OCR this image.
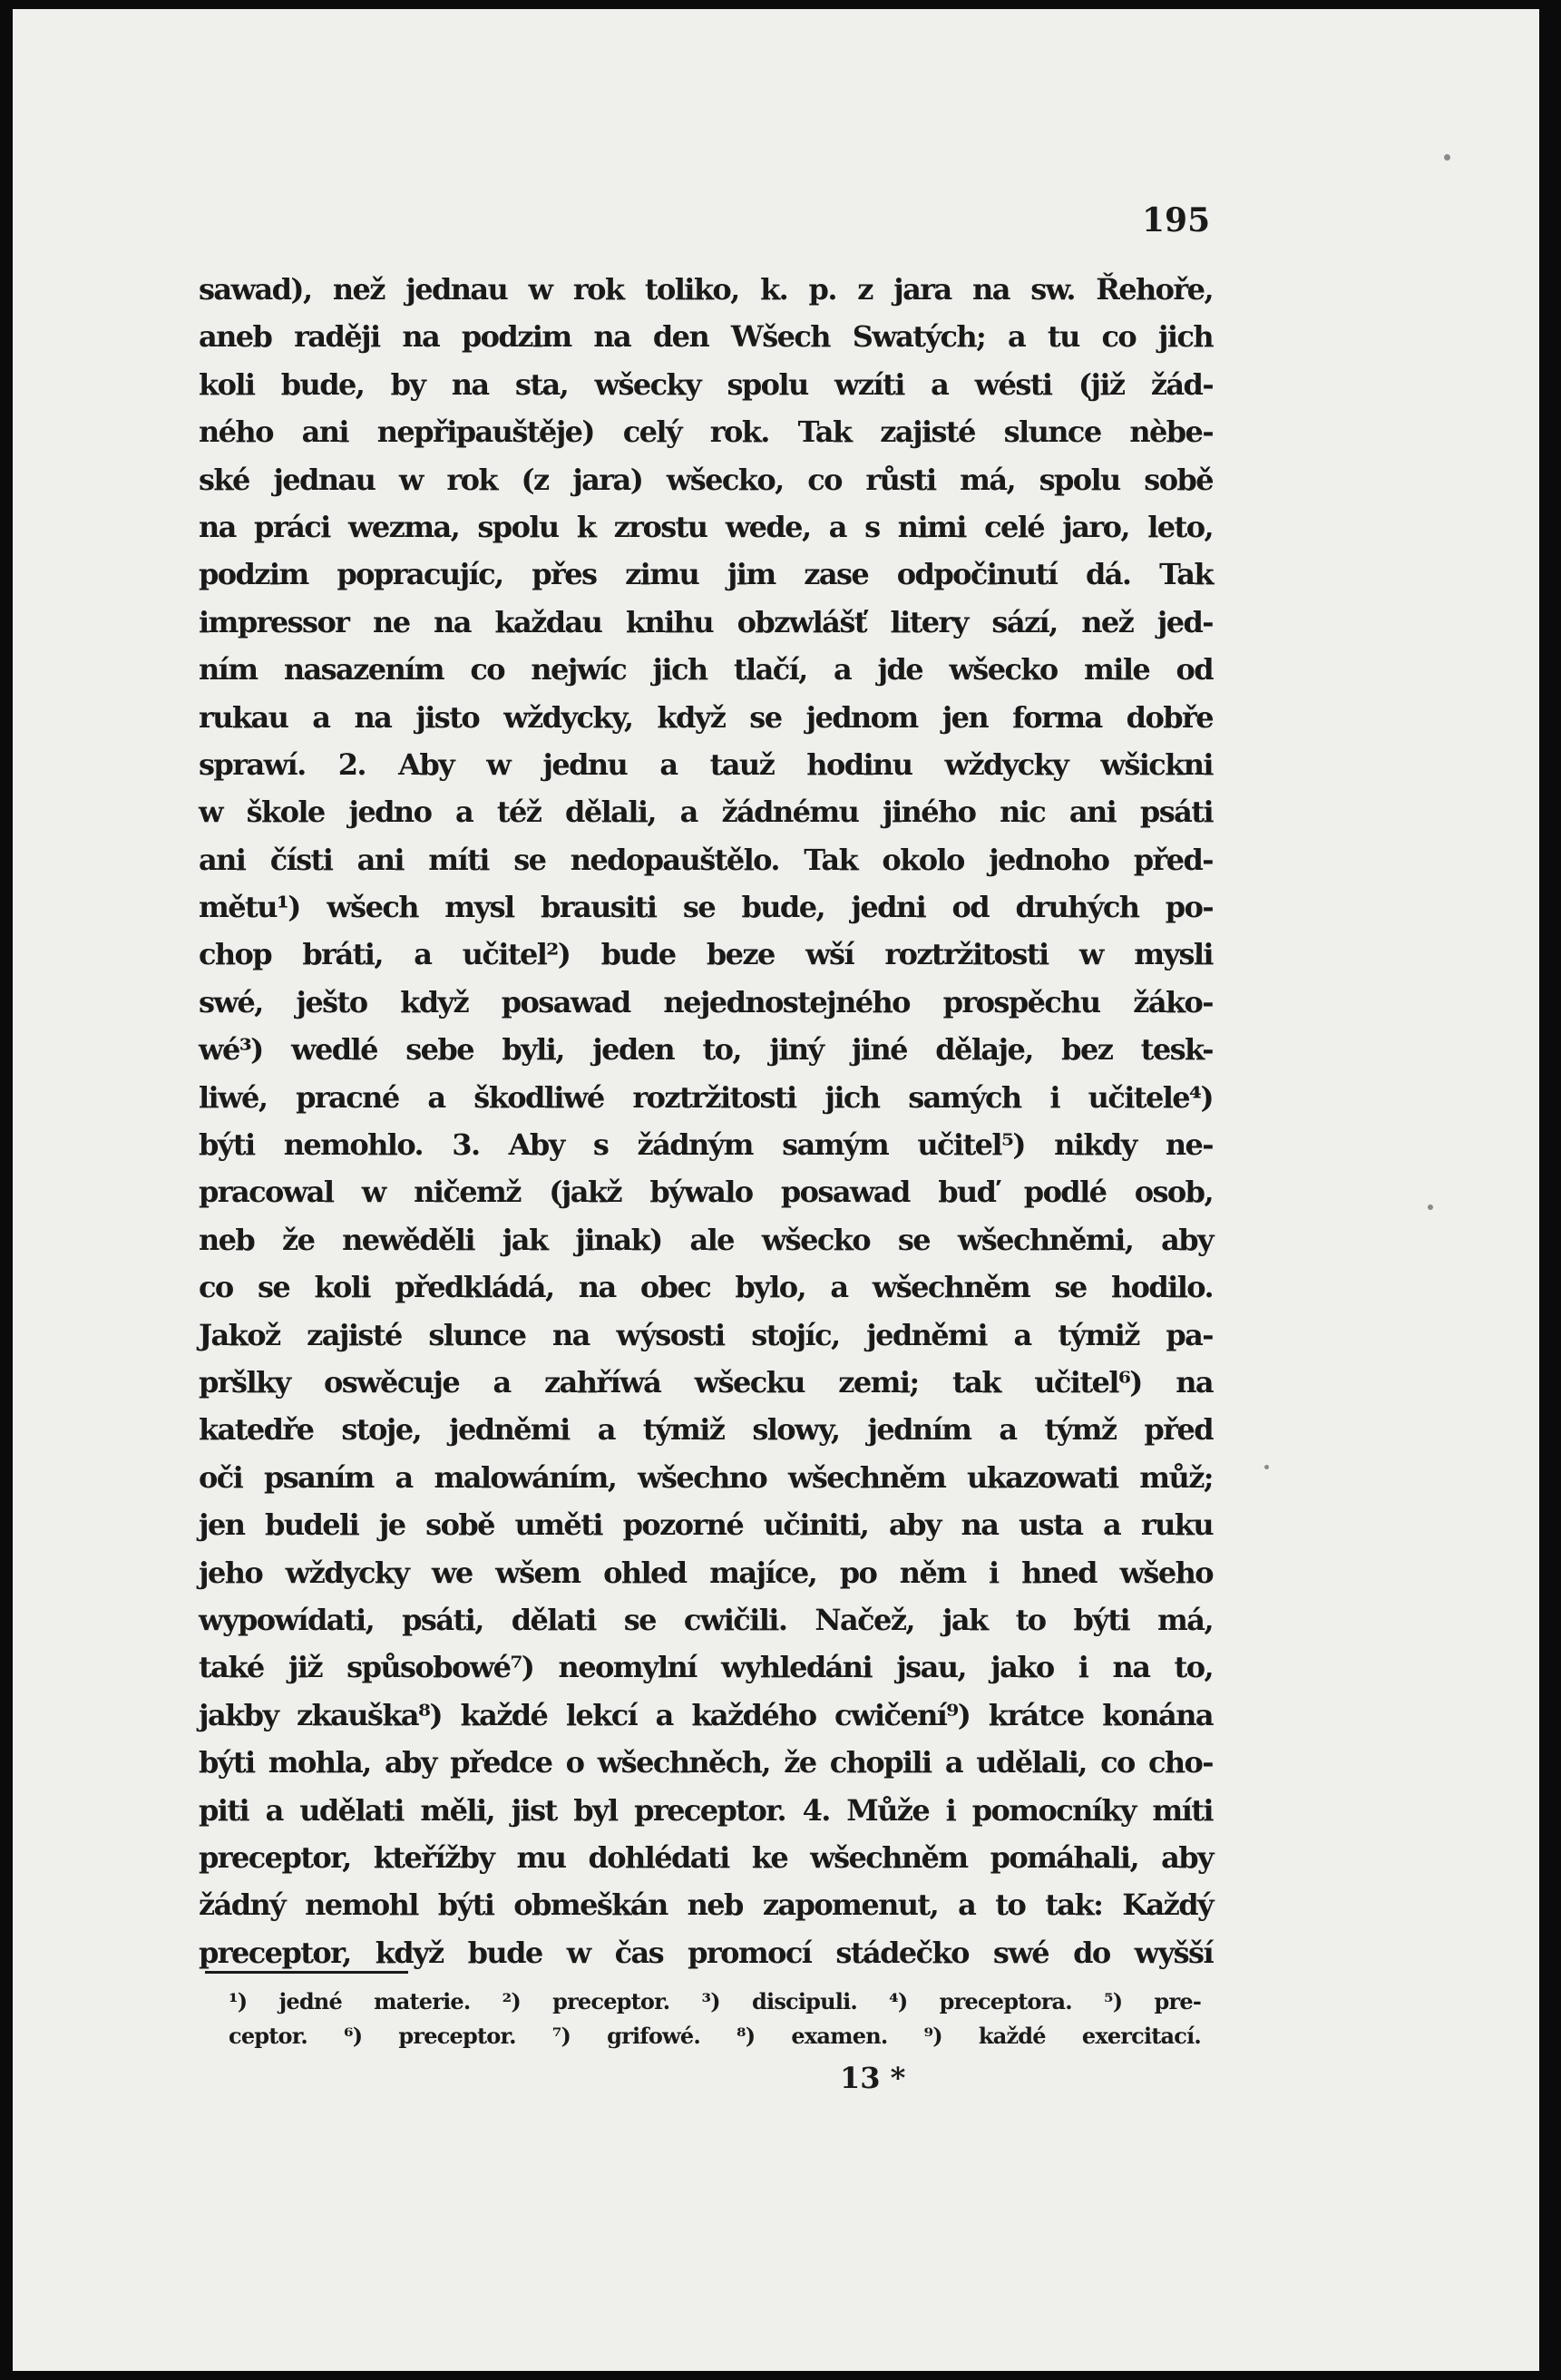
195
sawad), než jednau w rok toliko, k. p. z jara na sw. Řehoře,
aneb raději na podzim na den Wšech Swatých; a tu co jich
koli bude, by na sta, wšecky spolu wzíti a wésti (již žád-
ného ani nepřipauštěje) celý rok. Tak zajisté slunce nèbe-
ské jednau w rok (z jara) wšecko, co růsti má, spolu sobě
na práci wezma, spolu k zrostu wede, a s nimi celé jaro, leto,
podzim popracujíc, přes zimu jim zase odpočinutí dá. Tak
impressor ne na každau knihu obzwlášť litery sází, než jed-
ním nasazením co nejwíc jich tlačí, a jde wšecko mile od
rukau a na jisto wždycky, když se jednom jen forma dobře
sprawí. 2. Aby w jednu a tauž hodinu wždycky wšickni
w škole jedno a též dělali, a žádnému jiného nic ani psáti
ani čísti ani míti se nedopauštělo. Tak okolo jednoho před-
mětu¹) wšech mysl brausiti se bude, jedni od druhých po-
chop bráti, a učitel²) bude beze wší roztržitosti w mysli
swé, ješto když posawad nejednostejného prospěchu žáko-
wé³) wedlé sebe byli, jeden to, jiný jiné dělaje, bez tesk-
liwé, pracné a škodliwé roztržitosti jich samých i učitele⁴)
býti nemohlo. 3. Aby s žádným samým učitel⁵) nikdy ne-
pracowal w ničemž (jakž býwalo posawad buď podlé osob,
neb že newěděli jak jinak) ale wšecko se wšechněmi, aby
co se koli předkládá, na obec bylo, a wšechněm se hodilo.
Jakož zajisté slunce na wýsosti stojíc, jedněmi a týmiž pa-
pršlky oswěcuje a zahříwá wšecku zemi; tak učitel⁶) na
katedře stoje, jedněmi a týmiž slowy, jedním a týmž před
oči psaním a malowáním, wšechno wšechněm ukazowati můž;
jen budeli je sobě uměti pozorné učiniti, aby na usta a ruku
jeho wždycky we wšem ohled majíce, po něm i hned wšeho
wypowídati, psáti, dělati se cwičili. Načež, jak to býti má,
také již spůsobowé⁷) neomylní wyhledáni jsau, jako i na to,
jakby zkauška⁸) každé lekcí a každého cwičení⁹) krátce konána
býti mohla, aby předce o wšechněch, že chopili a udělali, co cho-
piti a udělati měli, jist byl preceptor. 4. Může i pomocníky míti
preceptor, kteřížby mu dohlédati ke wšechněm pomáhali, aby
žádný nemohl býti obmeškán neb zapomenut, a to tak: Každý
preceptor, když bude w čas promocí stádečko swé do wyšší
¹) jedné materie. ²) preceptor. ³) discipuli. ⁴) preceptora. ⁵) pre-
ceptor. ⁶) preceptor. ⁷) grifowé. ⁸) examen. ⁹) každé exercitací.
13 *
